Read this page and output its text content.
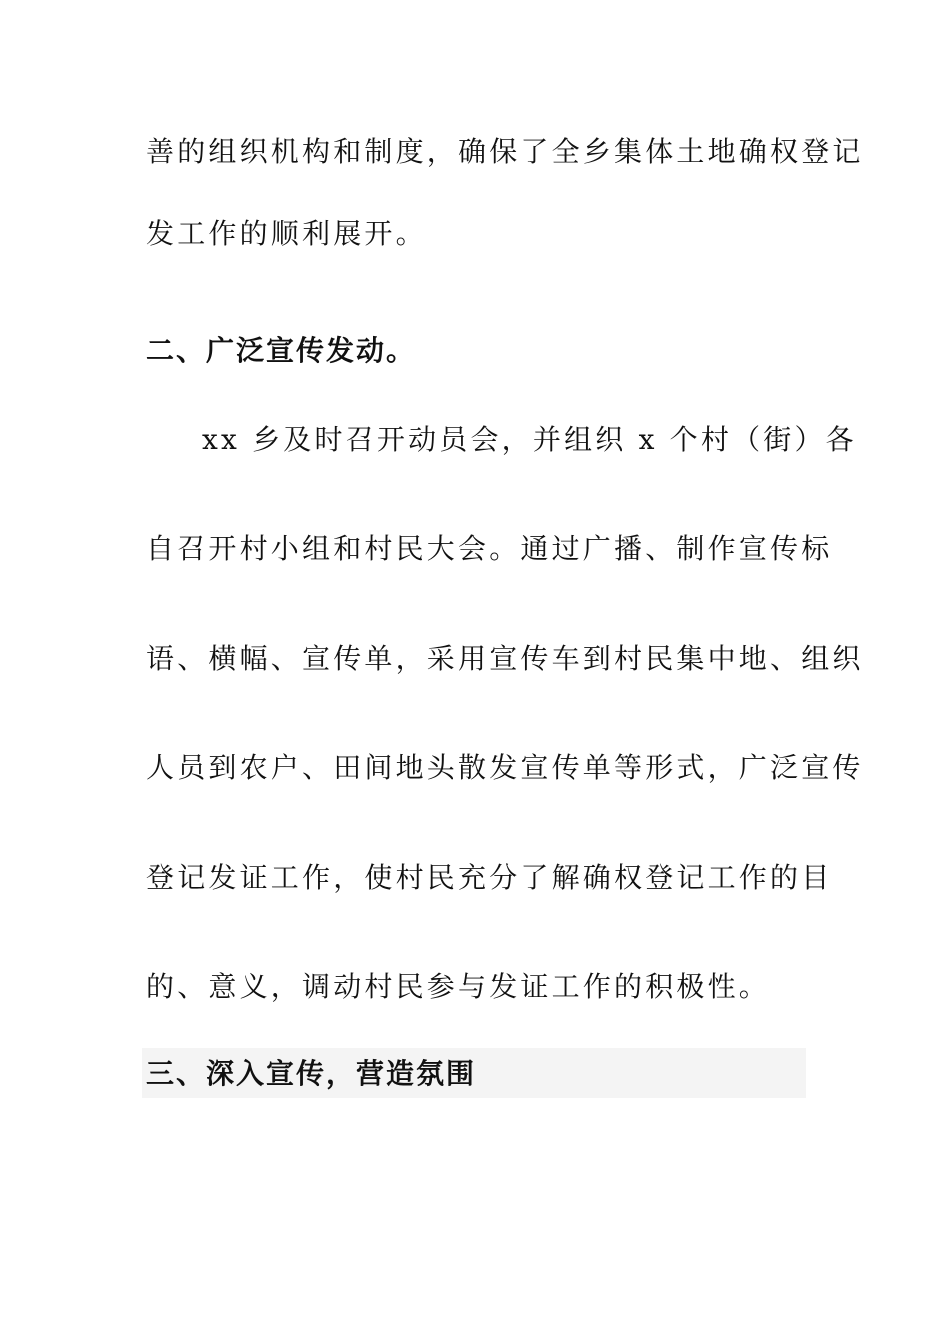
善的组织机构和制度，确保了全乡集体土地确权登记
发工作的顺利展开。
二、广泛宣传发动。
xx 乡及时召开动员会，并组织 x 个村（街）各
自召开村小组和村民大会。通过广播、制作宣传标
语、横幅、宣传单，采用宣传车到村民集中地、组织
人员到农户、田间地头散发宣传单等形式，广泛宣传
登记发证工作，使村民充分了解确权登记工作的目
的、意义，调动村民参与发证工作的积极性。
三、深入宣传，营造氛围
